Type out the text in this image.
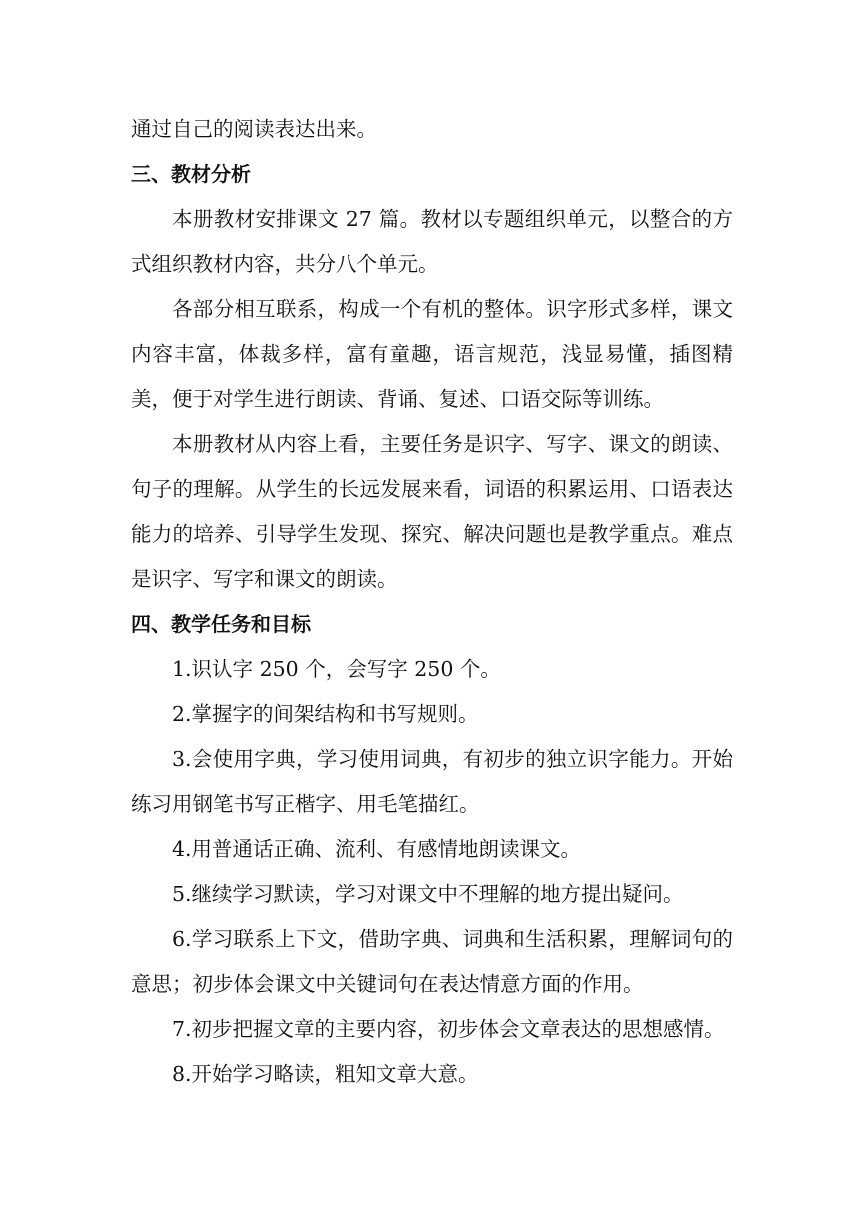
通过自己的阅读表达出来。

三、教材分析

本册教材安排课文 27 篇。教材以专题组织单元，以整合的方式组织教材内容，共分八个单元。

各部分相互联系，构成一个有机的整体。识字形式多样，课文内容丰富，体裁多样，富有童趣，语言规范，浅显易懂，插图精美，便于对学生进行朗读、背诵、复述、口语交际等训练。

本册教材从内容上看，主要任务是识字、写字、课文的朗读、句子的理解。从学生的长远发展来看，词语的积累运用、口语表达能力的培养、引导学生发现、探究、解决问题也是教学重点。难点是识字、写字和课文的朗读。

四、教学任务和目标

1.识认字 250 个，会写字 250 个。

2.掌握字的间架结构和书写规则。

3.会使用字典，学习使用词典，有初步的独立识字能力。开始练习用钢笔书写正楷字、用毛笔描红。

4.用普通话正确、流利、有感情地朗读课文。

5.继续学习默读，学习对课文中不理解的地方提出疑问。

6.学习联系上下文，借助字典、词典和生活积累，理解词句的意思；初步体会课文中关键词句在表达情意方面的作用。

7.初步把握文章的主要内容，初步体会文章表达的思想感情。

8.开始学习略读，粗知文章大意。
